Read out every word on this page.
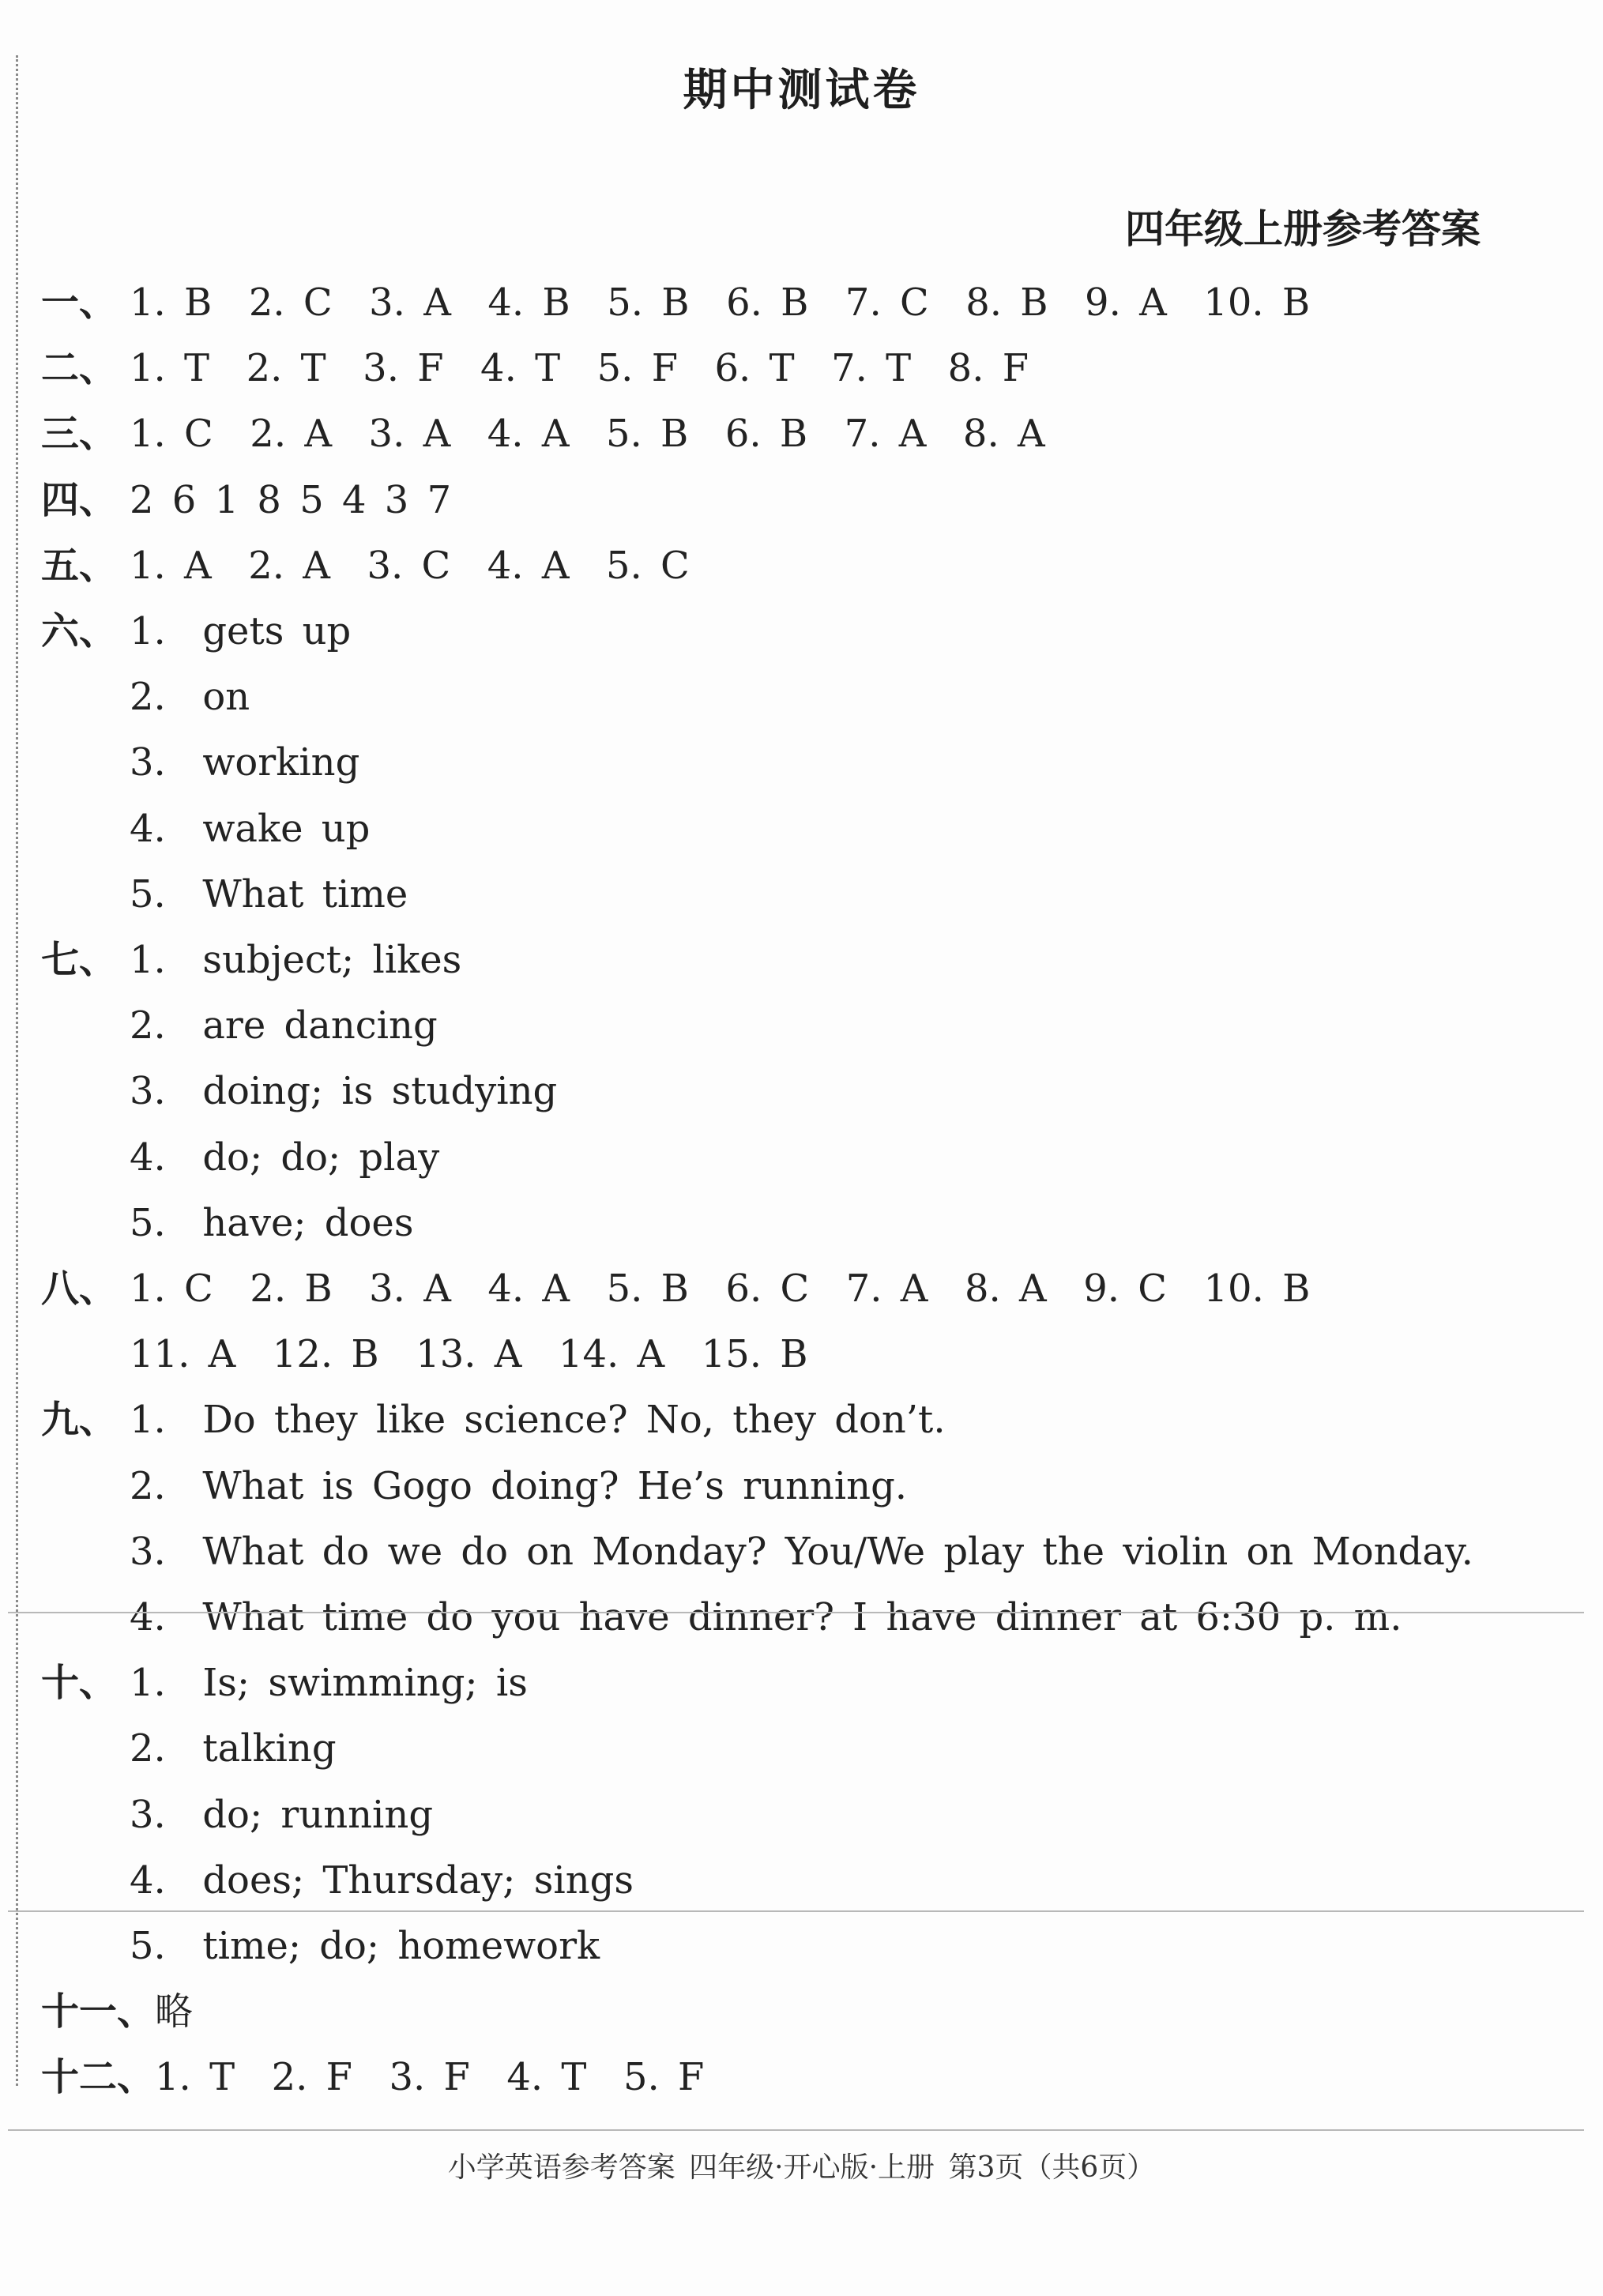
期中测试卷
四年级上册参考答案
一、 1. B  2. C  3. A  4. B  5. B  6. B  7. C  8. B  9. A  10. B
二、 1. T  2. T  3. F  4. T  5. F  6. T  7. T  8. F
三、 1. C  2. A  3. A  4. A  5. B  6. B  7. A  8. A
四、 2 6 1 8 5 4 3 7
五、 1. A  2. A  3. C  4. A  5. C
六、 1.  gets up
2.  on
3.  working
4.  wake up
5.  What time
七、 1.  subject; likes
2.  are dancing
3.  doing; is studying
4.  do; do; play
5.  have; does
八、 1. C  2. B  3. A  4. A  5. B  6. C  7. A  8. A  9. C  10. B
11. A  12. B  13. A  14. A  15. B
九、 1.  Do they like science? No, they don’t.
2.  What is Gogo doing? He’s running.
3.  What do we do on Monday? You/We play the violin on Monday.
4.  What time do you have dinner? I have dinner at 6:30 p. m.
十、 1.  Is; swimming; is
2.  talking
3.  do; running
4.  does; Thursday; sings
5.  time; do; homework
十一、略
十二、1. T  2. F  3. F  4. T  5. F
小学英语参考答案 四年级·开心版·上册 第3页（共6页）
